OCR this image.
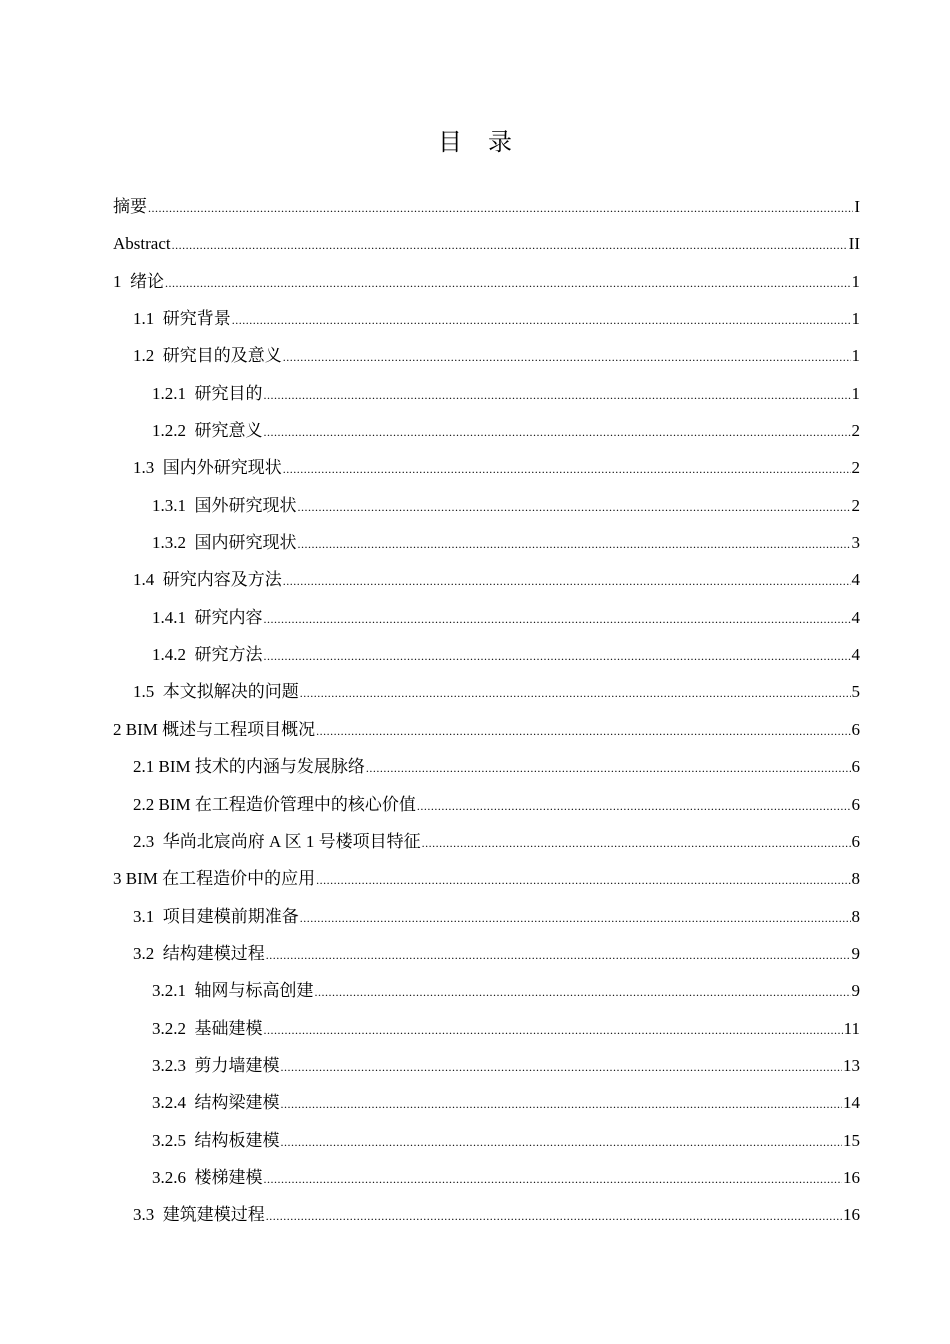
目录
摘要 .....	I
Abstract .....	II
1  绪论 .....	1
1.1  研究背景 .....	1
1.2  研究目的及意义 .....	1
1.2.1  研究目的 .....	1
1.2.2  研究意义 .....	2
1.3  国内外研究现状 .....	2
1.3.1  国外研究现状 .....	2
1.3.2  国内研究现状 .....	3
1.4  研究内容及方法 .....	4
1.4.1  研究内容 .....	4
1.4.2  研究方法 .....	4
1.5  本文拟解决的问题 .....	5
2 BIM 概述与工程项目概况 .....	6
2.1 BIM 技术的内涵与发展脉络 .....	6
2.2 BIM 在工程造价管理中的核心价值 .....	6
2.3  华尚北宸尚府 A 区 1 号楼项目特征 .....	6
3 BIM 在工程造价中的应用 .....	8
3.1  项目建模前期准备 .....	8
3.2  结构建模过程 .....	9
3.2.1  轴网与标高创建 .....	9
3.2.2  基础建模 .....	11
3.2.3  剪力墙建模 .....	13
3.2.4  结构梁建模 .....	14
3.2.5  结构板建模 .....	15
3.2.6  楼梯建模 .....	16
3.3  建筑建模过程 .....	16
